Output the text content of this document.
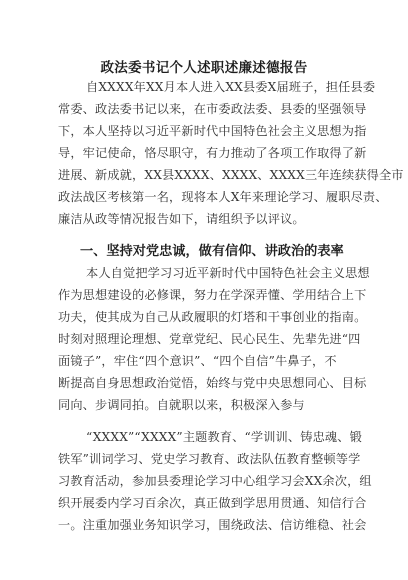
政法委书记个人述职述廉述德报告
自XXXX年XX月本人进入XX县委X届班子，担任县委
常委、政法委书记以来，在市委政法委、县委的坚强领导
下，本人坚持以习近平新时代中国特色社会主义思想为指
导，牢记使命，恪尽职守，有力推动了各项工作取得了新
进展、新成就，XX县XXXX、XXXX、XXXX三年连续获得全市
政法战区考核第一名，现将本人X年来理论学习、履职尽责、
廉洁从政等情况报告如下，请组织予以评议。
一、坚持对党忠诚，做有信仰、讲政治的表率
本人自觉把学习习近平新时代中国特色社会主义思想
作为思想建设的必修课，努力在学深弄懂、学用结合上下
功夫，使其成为自己从政履职的灯塔和干事创业的指南。
时刻对照理论理想、党章党纪、民心民生、先辈先进“四
面镜子”，牢住“四个意识”、“四个自信”牛鼻子，不
断提高自身思想政治觉悟，始终与党中央思想同心、目标
同向、步调同拍。自就职以来，积极深入参与
“XXXX”“XXXX”主题教育、“学训训、铸忠魂、锻
铁军”训词学习、党史学习教育、政法队伍教育整顿等学
习教育活动，参加县委理论学习中心组学习会XX余次，组
织开展委内学习百余次，真正做到学思用贯通、知信行合
一。注重加强业务知识学习，围绕政法、信访维稳、社会
